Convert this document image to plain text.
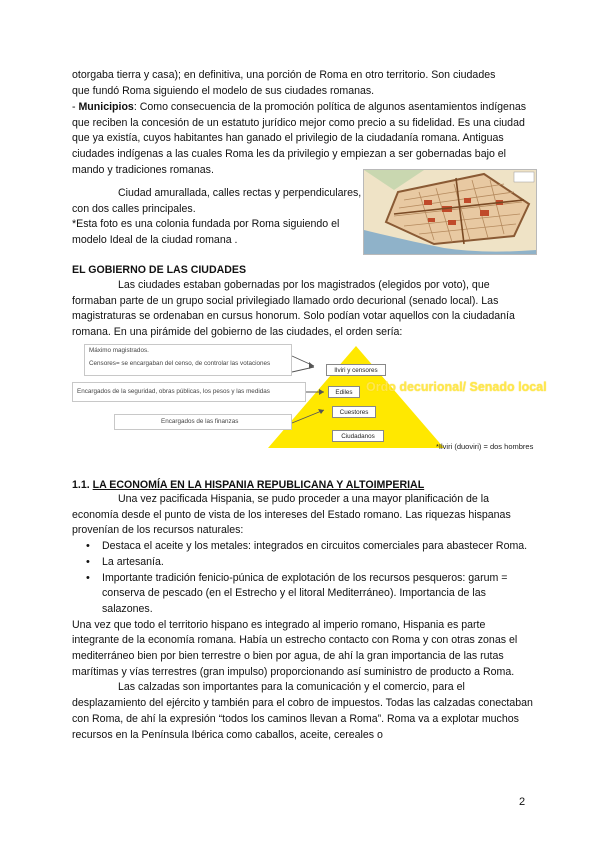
otorgaba tierra y casa); en definitiva, una porción de Roma en otro territorio. Son ciudades
que fundó Roma siguiendo el modelo de sus ciudades romanas.
- Municipios: Como consecuencia de la promoción política de algunos asentamientos indígenas que reciben la concesión de un estatuto jurídico mejor como precio a su fidelidad. Es una ciudad que ya existía, cuyos habitantes han ganado el privilegio de la ciudadanía romana. Antiguas ciudades indígenas a las cuales Roma les da privilegio y empiezan a ser gobernadas bajo el mando y tradiciones romanas.
Ciudad amurallada, calles rectas y perpendiculares,
con dos calles principales.
*Esta foto es una colonia fundada por Roma siguiendo el
modelo Ideal de la ciudad romana .
EL GOBIERNO DE LAS CIUDADES
Las ciudades estaban gobernadas por los magistrados (elegidos por voto), que formaban parte de un grupo social privilegiado llamado ordo decurional (senado local). Las magistraturas se ordenaban en cursus honorum. Solo podían votar aquellos con la ciudadanía romana. En una pirámide del gobierno de las ciudades, el orden sería:
Máximo magistrados.
Censores= se encargaban del censo, de controlar las votaciones
Encargados de la seguridad, obras públicas, los pesos y las medidas
Encargados de las finanzas
Ilviri y censores
Ediles
Cuestores
Ciudadanos
Ordo decurional/ Senado local
*Ilviri (duoviri) = dos hombres
1.1. LA ECONOMÍA EN LA HISPANIA REPUBLICANA Y ALTOIMPERIAL
Una vez pacificada Hispania, se pudo proceder a una mayor planificación de la economía desde el punto de vista de los intereses del Estado romano. Las riquezas hispanas provenían de los recursos naturales:
• Destaca el aceite y los metales: integrados en circuitos comerciales para abastecer Roma.
• La artesanía.
• Importante tradición fenicio-púnica de explotación de los recursos pesqueros: garum = conserva de pescado (en el Estrecho y el litoral Mediterráneo). Importancia de las salazones.
Una vez que todo el territorio hispano es integrado al imperio romano, Hispania es parte integrante de la economía romana. Había un estrecho contacto con Roma y con otras zonas el mediterráneo bien por bien terrestre o bien por agua, de ahí la gran importancia de las rutas marítimas y vías terrestres (gran impulso) proporcionando así suministro de producto a Roma.
Las calzadas son importantes para la comunicación y el comercio, para el desplazamiento del ejército y también para el cobro de impuestos. Todas las calzadas conectaban con Roma, de ahí la expresión “todos los caminos llevan a Roma”. Roma va a explotar muchos recursos en la Península Ibérica como caballos, aceite, cereales o
2
